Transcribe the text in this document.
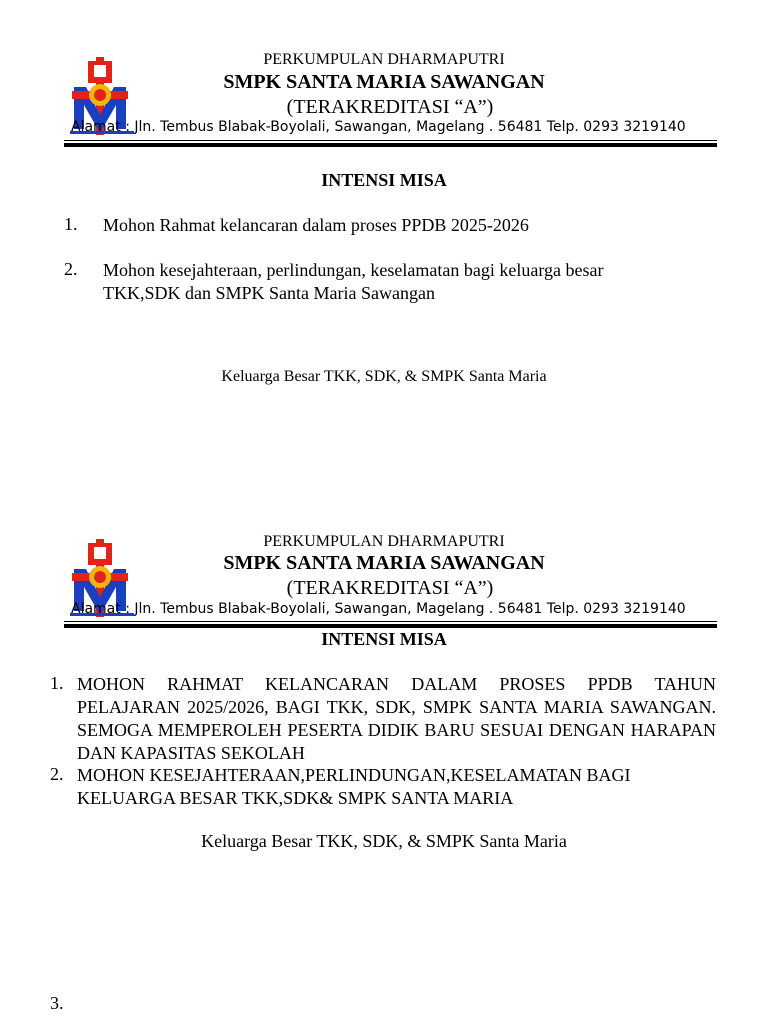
PERKUMPULAN DHARMAPUTRI
SMPK SANTA MARIA SAWANGAN
(TERAKREDITASI “A”)
Alamat : Jln. Tembus Blabak-Boyolali, Sawangan, Magelang . 56481 Telp. 0293 3219140
INTENSI MISA
1. Mohon Rahmat kelancaran dalam proses PPDB 2025-2026
2. Mohon kesejahteraan, perlindungan, keselamatan bagi keluarga besar TKK,SDK dan SMPK Santa Maria Sawangan
Keluarga Besar TKK, SDK, & SMPK Santa Maria
PERKUMPULAN DHARMAPUTRI
SMPK SANTA MARIA SAWANGAN
(TERAKREDITASI “A”)
Alamat : Jln. Tembus Blabak-Boyolali, Sawangan, Magelang . 56481 Telp. 0293 3219140
INTENSI MISA
1. MOHON RAHMAT KELANCARAN DALAM PROSES PPDB TAHUN PELAJARAN 2025/2026, BAGI TKK, SDK, SMPK SANTA MARIA SAWANGAN. SEMOGA MEMPEROLEH PESERTA DIDIK BARU SESUAI DENGAN HARAPAN DAN KAPASITAS SEKOLAH
2. MOHON KESEJAHTERAAN,PERLINDUNGAN,KESELAMATAN BAGI KELUARGA BESAR TKK,SDK& SMPK SANTA MARIA
Keluarga Besar TKK, SDK, & SMPK Santa Maria
3.
